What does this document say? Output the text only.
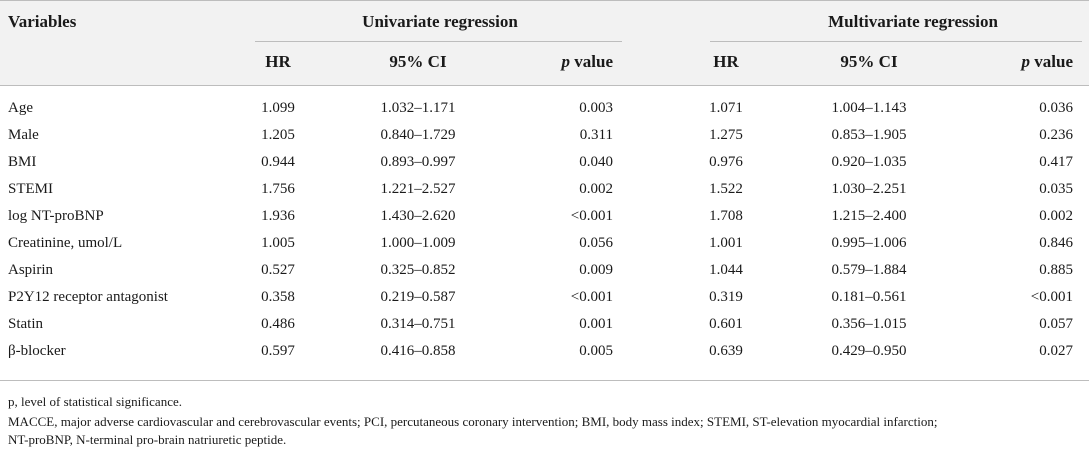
Variables	Univariate regression	Multivariate regression
HR	95% CI	p value	HR	95% CI	p value
Age	1.099	1.032–1.171	0.003	1.071	1.004–1.143	0.036
Male	1.205	0.840–1.729	0.311	1.275	0.853–1.905	0.236
BMI	0.944	0.893–0.997	0.040	0.976	0.920–1.035	0.417
STEMI	1.756	1.221–2.527	0.002	1.522	1.030–2.251	0.035
log NT-proBNP	1.936	1.430–2.620	<0.001	1.708	1.215–2.400	0.002
Creatinine, umol/L	1.005	1.000–1.009	0.056	1.001	0.995–1.006	0.846
Aspirin	0.527	0.325–0.852	0.009	1.044	0.579–1.884	0.885
P2Y12 receptor antagonist	0.358	0.219–0.587	<0.001	0.319	0.181–0.561	<0.001
Statin	0.486	0.314–0.751	0.001	0.601	0.356–1.015	0.057
β-blocker	0.597	0.416–0.858	0.005	0.639	0.429–0.950	0.027
p, level of statistical significance.
MACCE, major adverse cardiovascular and cerebrovascular events; PCI, percutaneous coronary intervention; BMI, body mass index; STEMI, ST-elevation myocardial infarction;
NT-proBNP, N-terminal pro-brain natriuretic peptide.
